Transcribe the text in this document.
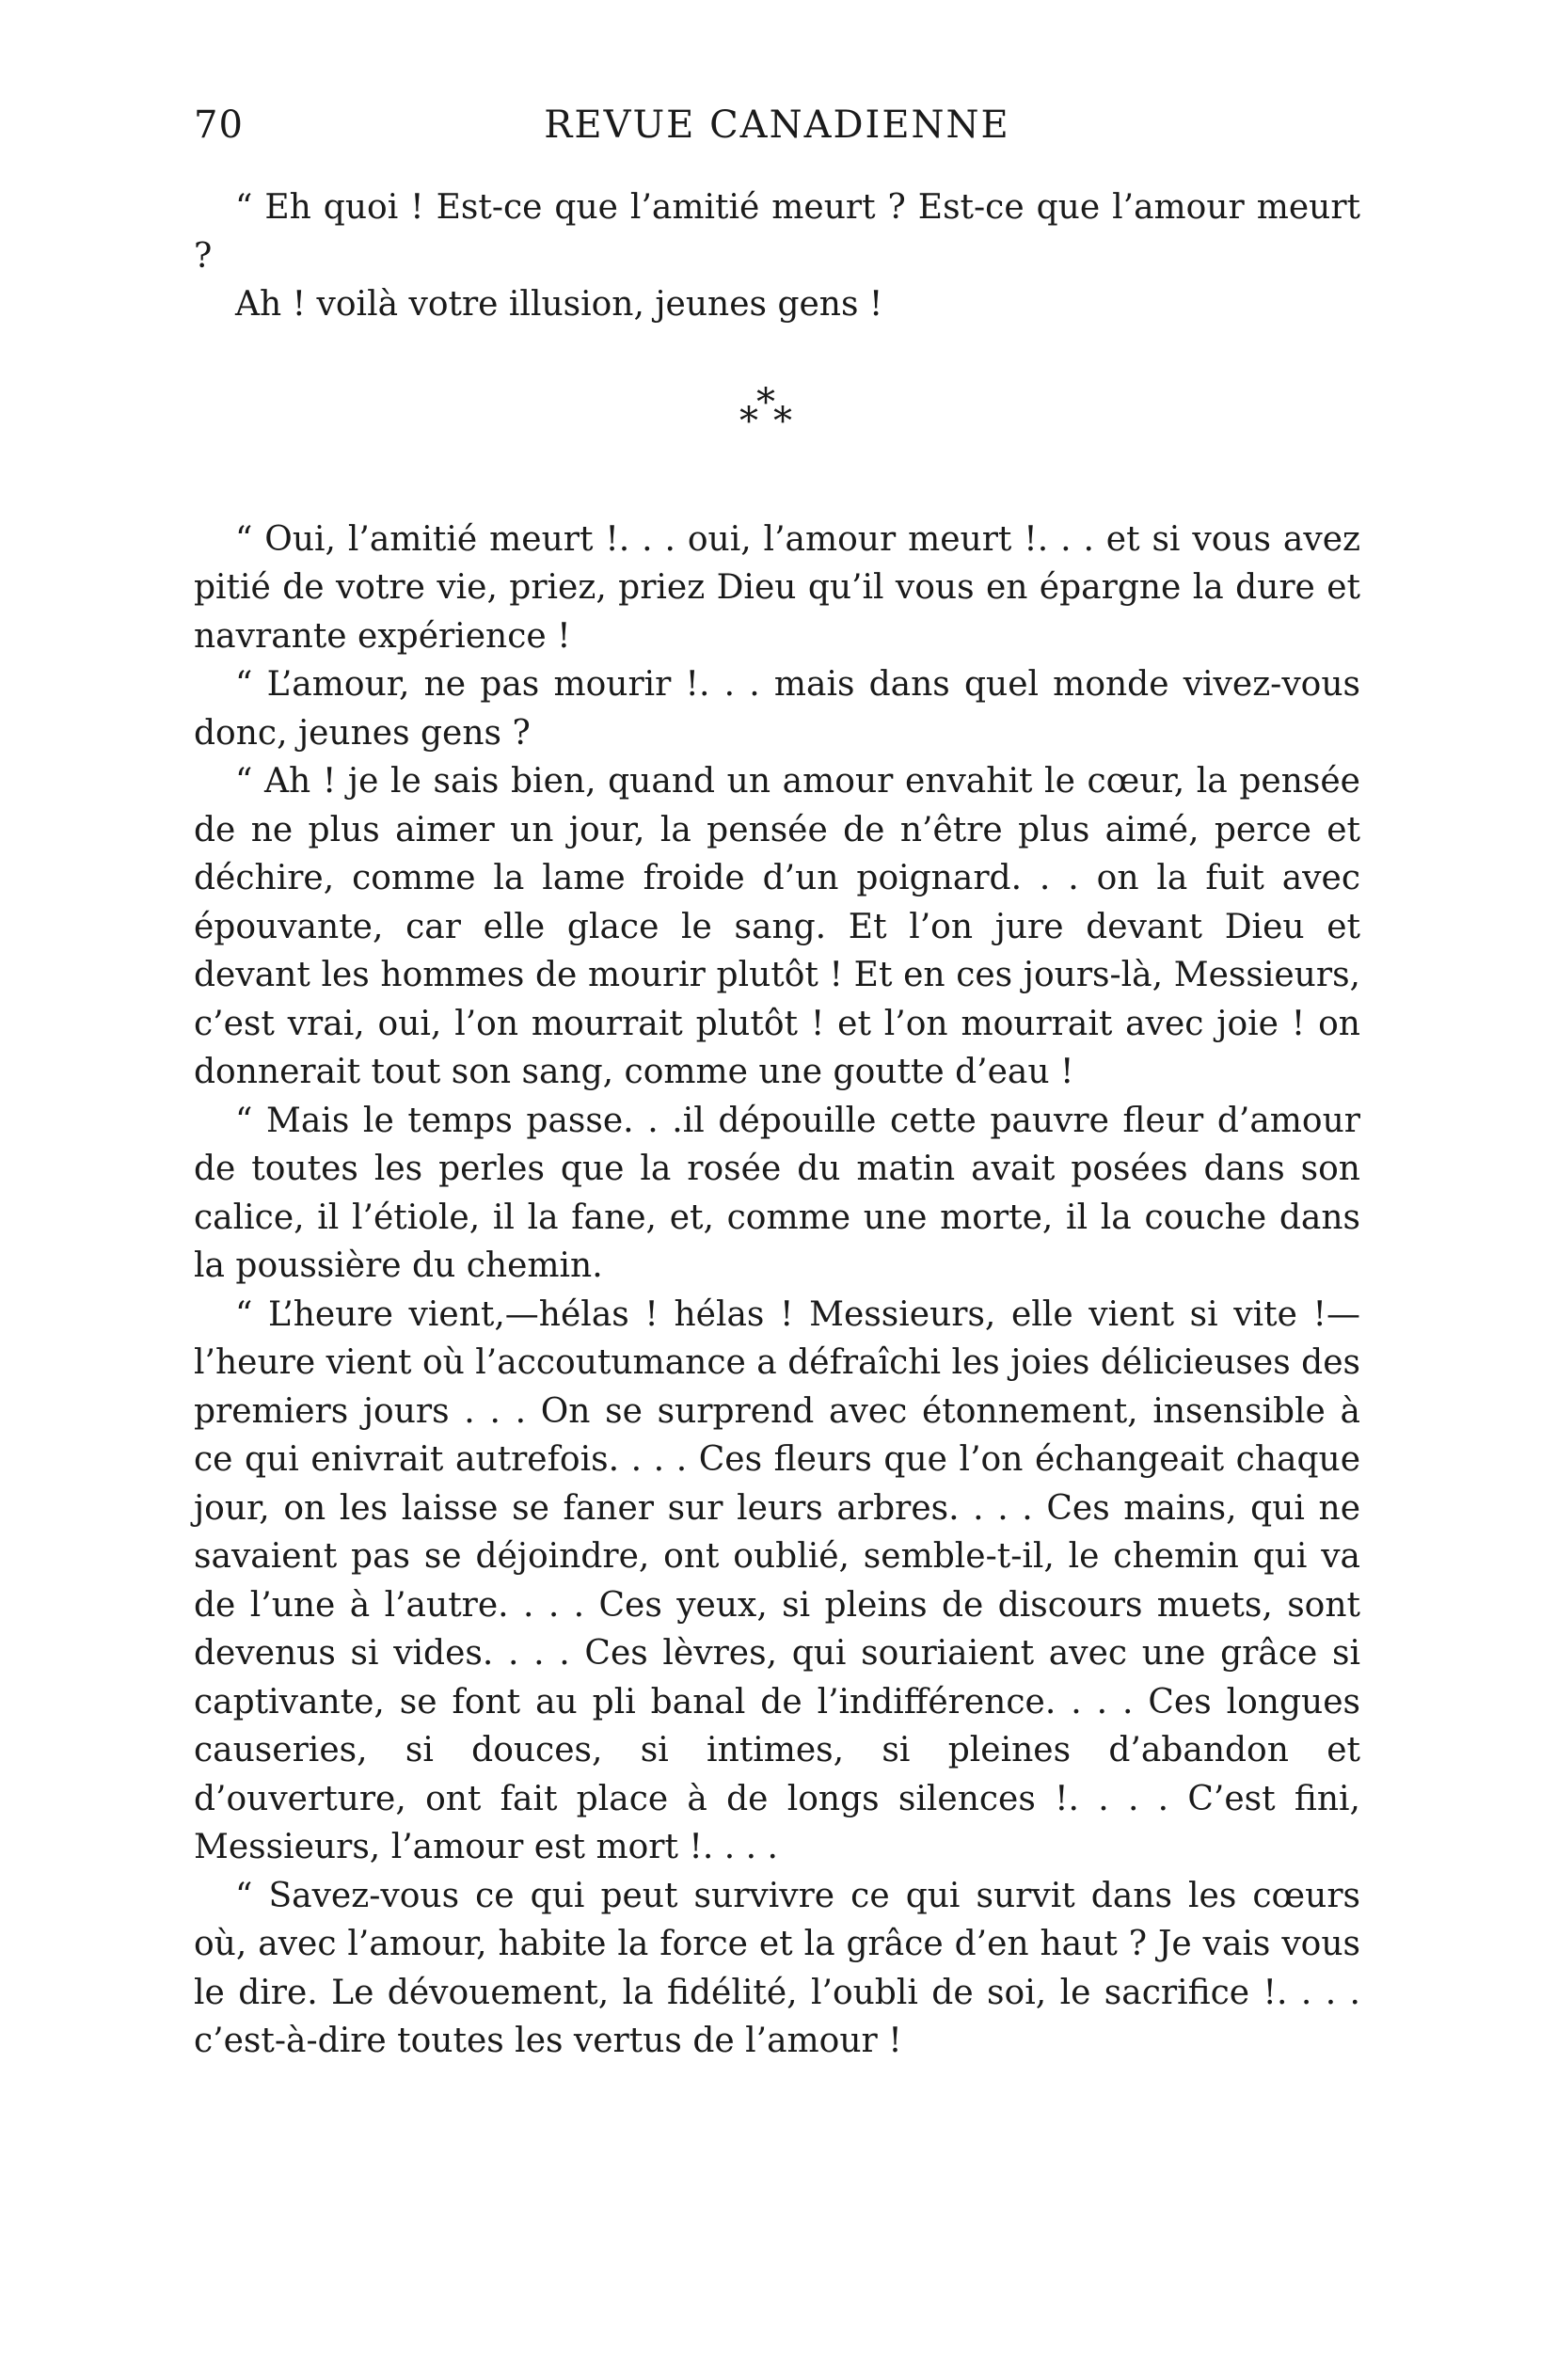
70	REVUE CANADIENNE

“ Eh quoi ! Est-ce que l’amitié meurt ? Est-ce que l’amour meurt ?

Ah ! voilà votre illusion, jeunes gens !

*
* *

“ Oui, l’amitié meurt !. . . oui, l’amour meurt !. . . et si vous avez pitié de votre vie, priez, priez Dieu qu’il vous en épargne la dure et navrante expérience !

“ L’amour, ne pas mourir !. . . mais dans quel monde vivez-vous donc, jeunes gens ?

“ Ah ! je le sais bien, quand un amour envahit le cœur, la pensée de ne plus aimer un jour, la pensée de n’être plus aimé, perce et déchire, comme la lame froide d’un poignard. . . on la fuit avec épouvante, car elle glace le sang. Et l’on jure devant Dieu et devant les hommes de mourir plutôt ! Et en ces jours-là, Messieurs, c’est vrai, oui, l’on mourrait plutôt ! et l’on mourrait avec joie ! on donnerait tout son sang, comme une goutte d’eau !

“ Mais le temps passe. . .il dépouille cette pauvre fleur d’amour de toutes les perles que la rosée du matin avait posées dans son calice, il l’étiole, il la fane, et, comme une morte, il la couche dans la poussière du chemin.

“ L’heure vient,—hélas ! hélas ! Messieurs, elle vient si vite !— l’heure vient où l’accoutumance a défraîchi les joies délicieuses des premiers jours . . . On se surprend avec étonnement, insensible à ce qui enivrait autrefois. . . . Ces fleurs que l’on échangeait chaque jour, on les laisse se faner sur leurs arbres. . . . Ces mains, qui ne savaient pas se déjoindre, ont oublié, semble-t-il, le chemin qui va de l’une à l’autre. . . . Ces yeux, si pleins de discours muets, sont devenus si vides. . . . Ces lèvres, qui souriaient avec une grâce si captivante, se font au pli banal de l’indifférence. . . . Ces longues causeries, si douces, si intimes, si pleines d’abandon et d’ouverture, ont fait place à de longs silences !. . . . C’est fini, Messieurs, l’amour est mort !. . . .

“ Savez-vous ce qui peut survivre ce qui survit dans les cœurs où, avec l’amour, habite la force et la grâce d’en haut ? Je vais vous le dire. Le dévouement, la fidélité, l’oubli de soi, le sacrifice !. . . . c’est-à-dire toutes les vertus de l’amour !
